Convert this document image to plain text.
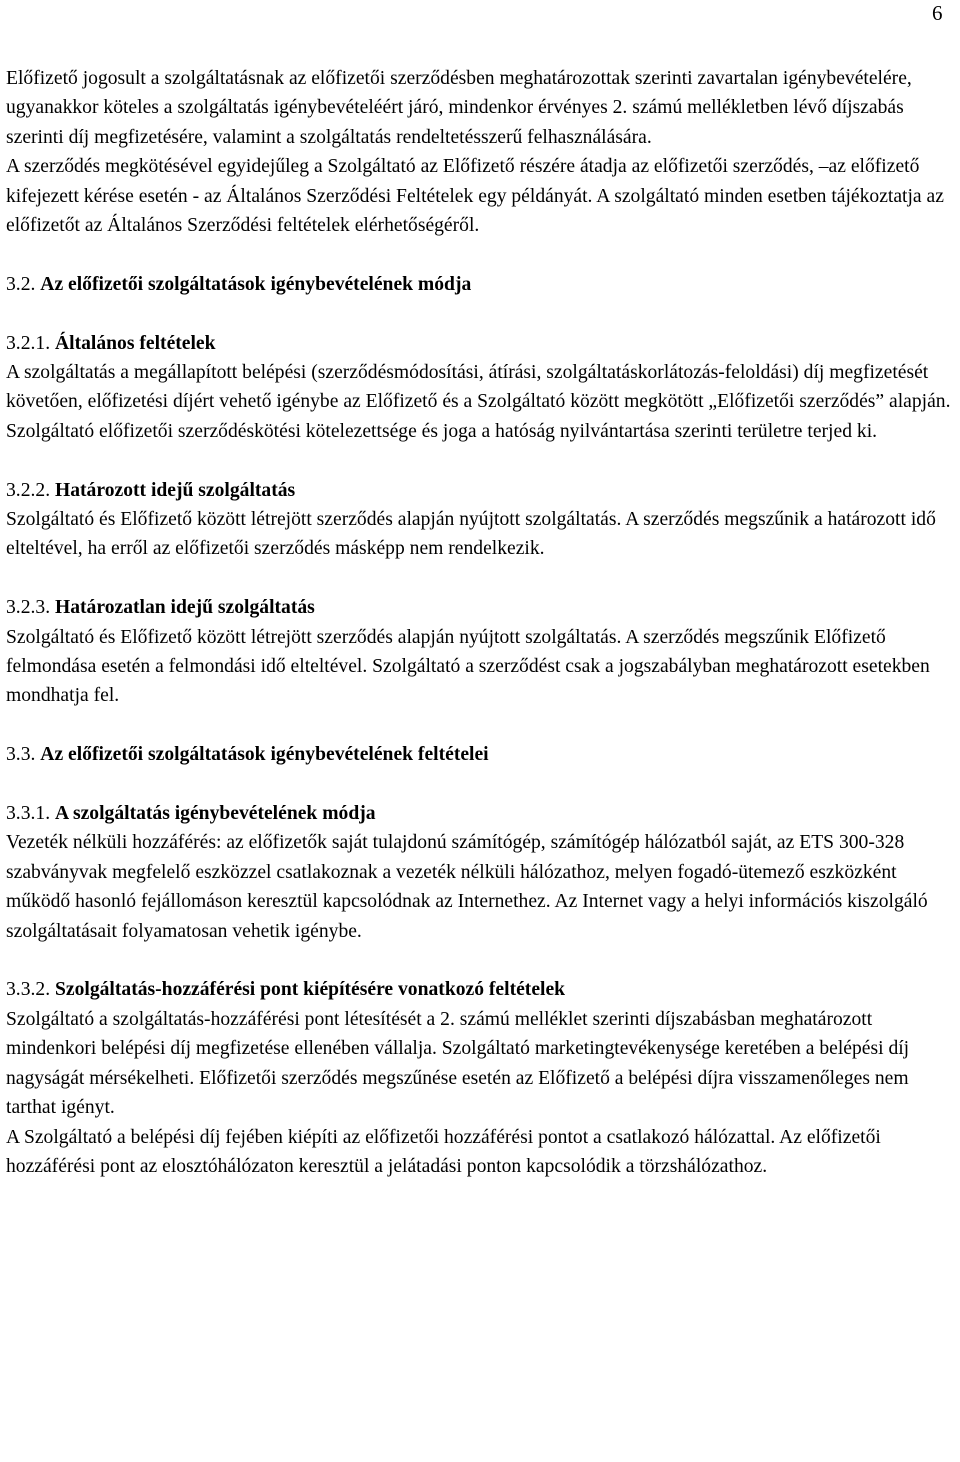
6

Előfizető jogosult a szolgáltatásnak az előfizetői szerződésben meghatározottak szerinti zavartalan igénybevételére, ugyanakkor köteles a szolgáltatás igénybevételéért járó, mindenkor érvényes 2. számú mellékletben lévő díjszabás szerinti díj megfizetésére, valamint a szolgáltatás rendeltetésszerű felhasználására.

A szerződés megkötésével egyidejűleg a Szolgáltató az Előfizető részére átadja az előfizetői szerződés, –az előfizető kifejezett kérése esetén - az Általános Szerződési Feltételek egy példányát. A szolgáltató minden esetben tájékoztatja az előfizetőt az Általános Szerződési feltételek elérhetőségéről.

3.2. Az előfizetői szolgáltatások igénybevételének módja
3.2.1. Általános feltételek

A szolgáltatás a megállapított belépési (szerződésmódosítási, átírási, szolgáltatáskorlátozás-feloldási) díj megfizetését követően, előfizetési díjért vehető igénybe az Előfizető és a Szolgáltató között megkötött „Előfizetői szerződés” alapján. Szolgáltató előfizetői szerződéskötési kötelezettsége és joga a hatóság nyilvántartása szerinti területre terjed ki.

3.2.2. Határozott idejű szolgáltatás

Szolgáltató és Előfizető között létrejött szerződés alapján nyújtott szolgáltatás. A szerződés megszűnik a határozott idő elteltével, ha erről az előfizetői szerződés másképp nem rendelkezik.

3.2.3. Határozatlan idejű szolgáltatás

Szolgáltató és Előfizető között létrejött szerződés alapján nyújtott szolgáltatás. A szerződés megszűnik Előfizető felmondása esetén a felmondási idő elteltével. Szolgáltató a szerződést csak a jogszabályban meghatározott esetekben mondhatja fel.

3.3. Az előfizetői szolgáltatások igénybevételének feltételei
3.3.1. A szolgáltatás igénybevételének módja

Vezeték nélküli hozzáférés: az előfizetők saját tulajdonú számítógép, számítógép hálózatból saját, az ETS 300-328 szabványvak megfelelő eszközzel csatlakoznak a vezeték nélküli hálózathoz, melyen fogadó-ütemező eszközként működő hasonló fejállomáson keresztül kapcsolódnak az Internethez. Az Internet vagy a helyi információs kiszolgáló szolgáltatásait folyamatosan vehetik igénybe.

3.3.2. Szolgáltatás-hozzáférési pont kiépítésére vonatkozó feltételek

Szolgáltató a szolgáltatás-hozzáférési pont létesítését a 2. számú melléklet szerinti díjszabásban meghatározott mindenkori belépési díj megfizetése ellenében vállalja. Szolgáltató marketingtevékenysége keretében a belépési díj nagyságát mérsékelheti. Előfizetői szerződés megszűnése esetén az Előfizető a belépési díjra visszamenőleges nem tarthat igényt.

A Szolgáltató a belépési díj fejében kiépíti az előfizetői hozzáférési pontot a csatlakozó hálózattal. Az előfizetői hozzáférési pont az elosztóhálózaton keresztül a jelátadási ponton kapcsolódik a törzshálózathoz.
